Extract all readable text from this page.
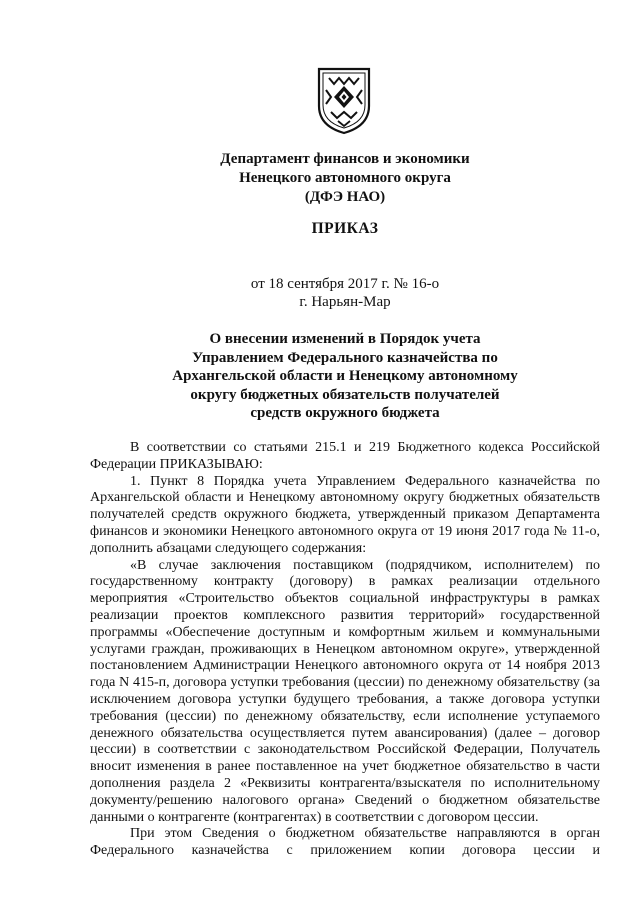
Департамент финансов и экономики
Ненецкого автономного округа
(ДФЭ НАО)
ПРИКАЗ
от 18 сентября 2017 г. № 16-о
г. Нарьян-Мар
О внесении изменений в Порядок учета
Управлением Федерального казначейства по
Архангельской области и Ненецкому автономному
округу бюджетных обязательств получателей
средств окружного бюджета

В соответствии со статьями 215.1 и 219 Бюджетного кодекса Российской Федерации ПРИКАЗЫВАЮ:

1. Пункт 8 Порядка учета Управлением Федерального казначейства по Архангельской области и Ненецкому автономному округу бюджетных обязательств получателей средств окружного бюджета, утвержденный приказом Департамента финансов и экономики Ненецкого автономного округа от 19 июня 2017 года № 11-о, дополнить абзацами следующего содержания:

«В случае заключения поставщиком (подрядчиком, исполнителем) по государственному контракту (договору) в рамках реализации отдельного мероприятия «Строительство объектов социальной инфраструктуры в рамках реализации проектов комплексного развития территорий» государственной программы «Обеспечение доступным и комфортным жильем и коммунальными услугами граждан, проживающих в Ненецком автономном округе», утвержденной постановлением Администрации Ненецкого автономного округа от 14 ноября 2013 года N 415-п, договора уступки требования (цессии) по денежному обязательству (за исключением договора уступки будущего требования, а также договора уступки требования (цессии) по денежному обязательству, если исполнение уступаемого денежного обязательства осуществляется путем авансирования) (далее – договор цессии) в соответствии с законодательством Российской Федерации, Получатель вносит изменения в ранее поставленное на учет бюджетное обязательство в части дополнения раздела 2 «Реквизиты контрагента/взыскателя по исполнительному документу/решению налогового органа» Сведений о бюджетном обязательстве данными о контрагенте (контрагентах) в соответствии с договором цессии.

При этом Сведения о бюджетном обязательстве направляются в орган Федерального казначейства с приложением копии договора цессии и
